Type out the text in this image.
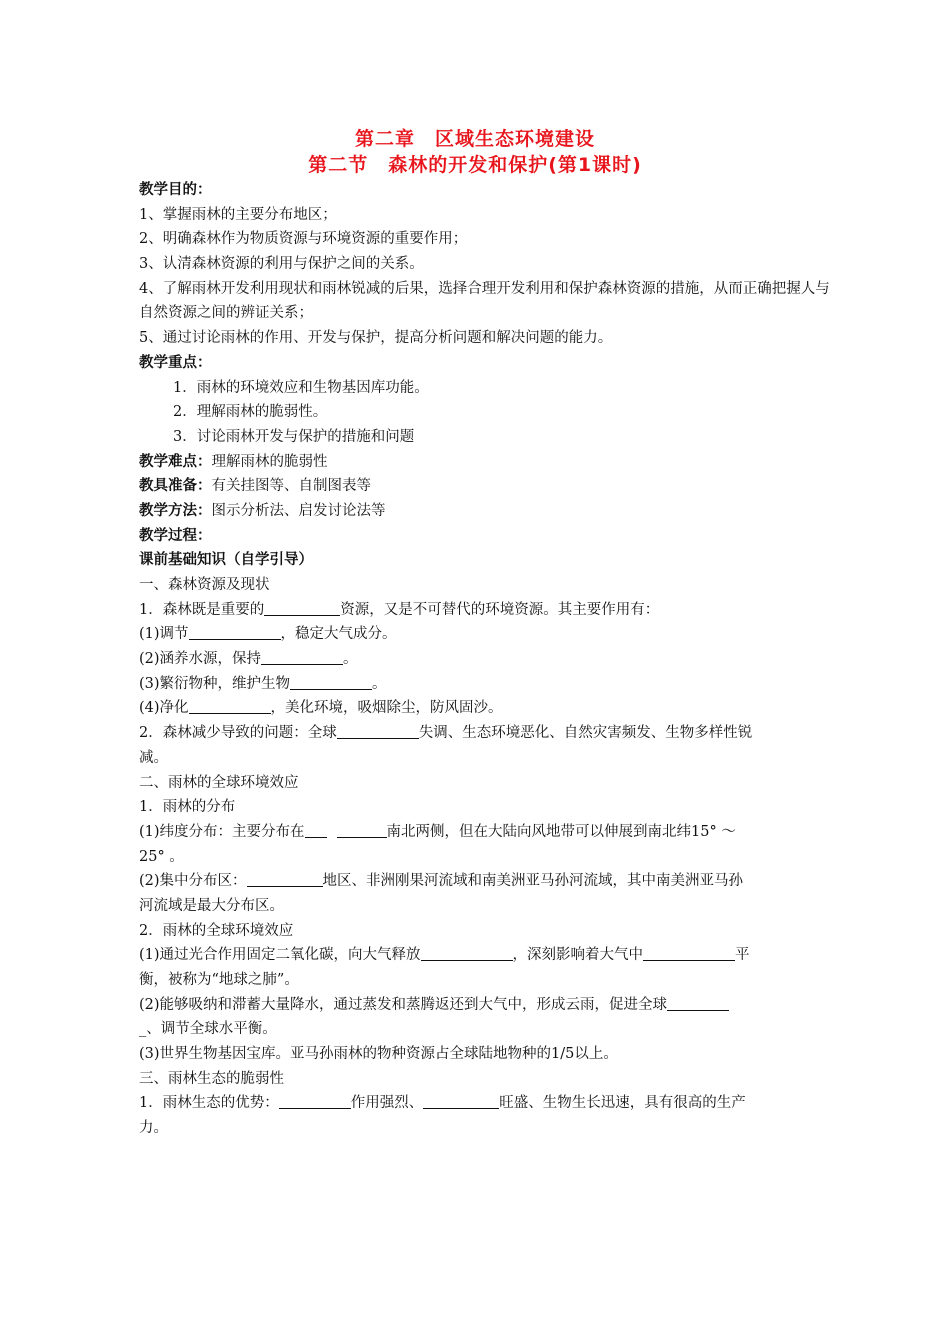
第二章　区域生态环境建设
第二节　森林的开发和保护(第1课时)
教学目的：
1、掌握雨林的主要分布地区；
2、明确森林作为物质资源与环境资源的重要作用；
3、认清森林资源的利用与保护之间的关系。
4、了解雨林开发利用现状和雨林锐减的后果，选择合理开发利用和保护森林资源的措施，从而正确把握人与自然资源之间的辨证关系；
5、通过讨论雨林的作用、开发与保护，提高分析问题和解决问题的能力。
教学重点：
1．雨林的环境效应和生物基因库功能。
2．理解雨林的脆弱性。
3．讨论雨林开发与保护的措施和问题
教学难点：理解雨林的脆弱性
教具准备：有关挂图等、自制图表等
教学方法：图示分析法、启发讨论法等
教学过程：
课前基础知识（自学引导）
一、森林资源及现状
1．森林既是重要的	资源，又是不可替代的环境资源。其主要作用有：
(1)调节	，稳定大气成分。
(2)涵养水源，保持	。
(3)繁衍物种，维护生物	。
(4)净化	，美化环境，吸烟除尘，防风固沙。
2．森林减少导致的问题：全球	失调、生态环境恶化、自然灾害频发、生物多样性锐
减。
二、雨林的全球环境效应
1．雨林的分布
(1)纬度分布：主要分布在	南北两侧，但在大陆向风地带可以伸展到南北纬15° ～
25° 。
(2)集中分布区：	地区、非洲刚果河流域和南美洲亚马孙河流域，其中南美洲亚马孙
河流域是最大分布区。
2．雨林的全球环境效应
(1)通过光合作用固定二氧化碳，向大气释放	，深刻影响着大气中	平
衡，被称为“地球之肺”。
(2)能够吸纳和滞蓄大量降水，通过蒸发和蒸腾返还到大气中，形成云雨，促进全球
_、调节全球水平衡。
(3)世界生物基因宝库。亚马孙雨林的物种资源占全球陆地物种的1/5以上。
三、雨林生态的脆弱性
1．雨林生态的优势：	作用强烈、	旺盛、生物生长迅速，具有很高的生产
力。
